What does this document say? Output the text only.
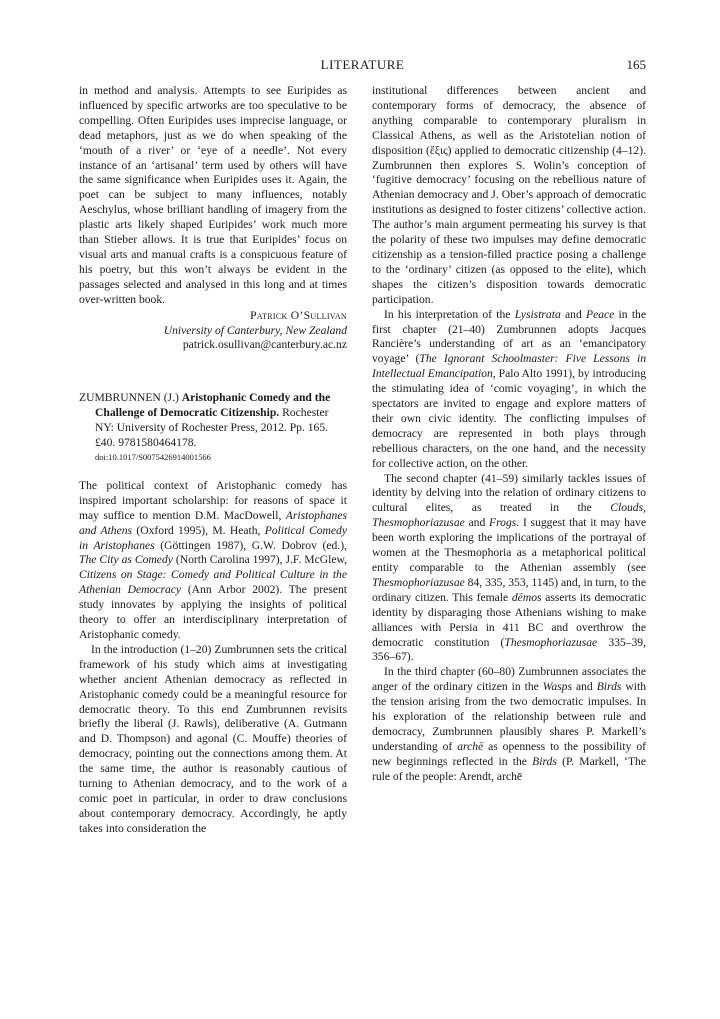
LITERATURE	165

in method and analysis. Attempts to see Euripides as influenced by specific artworks are too speculative to be compelling. Often Euripides uses imprecise language, or dead metaphors, just as we do when speaking of the ‘mouth of a river’ or ‘eye of a needle’. Not every instance of an ‘artisanal’ term used by others will have the same significance when Euripides uses it. Again, the poet can be subject to many influences, notably Aeschylus, whose brilliant handling of imagery from the plastic arts likely shaped Euripides’ work much more than Stieber allows. It is true that Euripides’ focus on visual arts and manual crafts is a conspicuous feature of his poetry, but this won’t always be evident in the passages selected and analysed in this long and at times over-written book.

Patrick O’Sullivan
University of Canterbury, New Zealand
patrick.osullivan@canterbury.ac.nz
ZUMBRUNNEN (J.) Aristophanic Comedy and the Challenge of Democratic Citizenship. Rochester NY: University of Rochester Press, 2012. Pp. 165. £40. 9781580464178.
doi:10.1017/S0075426914001566

The political context of Aristophanic comedy has inspired important scholarship: for reasons of space it may suffice to mention D.M. MacDowell, Aristophanes and Athens (Oxford 1995), M. Heath, Political Comedy in Aristophanes (Göttingen 1987), G.W. Dobrov (ed.), The City as Comedy (North Carolina 1997), J.F. McGlew, Citizens on Stage: Comedy and Political Culture in the Athenian Democracy (Ann Arbor 2002). The present study innovates by applying the insights of political theory to offer an interdisciplinary interpretation of Aristophanic comedy.

In the introduction (1–20) Zumbrunnen sets the critical framework of his study which aims at investigating whether ancient Athenian democracy as reflected in Aristophanic comedy could be a meaningful resource for democratic theory. To this end Zumbrunnen revisits briefly the liberal (J. Rawls), deliberative (A. Gutmann and D. Thompson) and agonal (C. Mouffe) theories of democracy, pointing out the connections among them. At the same time, the author is reasonably cautious of turning to Athenian democracy, and to the work of a comic poet in particular, in order to draw conclusions about contemporary democracy. Accordingly, he aptly takes into consideration the

institutional differences between ancient and contemporary forms of democracy, the absence of anything comparable to contemporary pluralism in Classical Athens, as well as the Aristotelian notion of disposition (ἕξις) applied to democratic citizenship (4–12). Zumbrunnen then explores S. Wolin’s conception of ‘fugitive democracy’ focusing on the rebellious nature of Athenian democracy and J. Ober’s approach of democratic institutions as designed to foster citizens’ collective action. The author’s main argument permeating his survey is that the polarity of these two impulses may define democratic citizenship as a tension-filled practice posing a challenge to the ‘ordinary’ citizen (as opposed to the elite), which shapes the citizen’s disposition towards democratic participation.

In his interpretation of the Lysistrata and Peace in the first chapter (21–40) Zumbrunnen adopts Jacques Rancière’s understanding of art as an ‘emancipatory voyage’ (The Ignorant Schoolmaster: Five Lessons in Intellectual Emancipation, Palo Alto 1991), by introducing the stimulating idea of ‘comic voyaging’, in which the spectators are invited to engage and explore matters of their own civic identity. The conflicting impulses of democracy are represented in both plays through rebellious characters, on the one hand, and the necessity for collective action, on the other.

The second chapter (41–59) similarly tackles issues of identity by delving into the relation of ordinary citizens to cultural elites, as treated in the Clouds, Thesmophoriazusae and Frogs. I suggest that it may have been worth exploring the implications of the portrayal of women at the Thesmophoria as a metaphorical political entity comparable to the Athenian assembly (see Thesmophoriazusae 84, 335, 353, 1145) and, in turn, to the ordinary citizen. This female dēmos asserts its democratic identity by disparaging those Athenians wishing to make alliances with Persia in 411 BC and overthrow the democratic constitution (Thesmophoriazusae 335–39, 356–67).

In the third chapter (60–80) Zumbrunnen associates the anger of the ordinary citizen in the Wasps and Birds with the tension arising from the two democratic impulses. In his exploration of the relationship between rule and democracy, Zumbrunnen plausibly shares P. Markell’s understanding of archē as openness to the possibility of new beginnings reflected in the Birds (P. Markell, ‘The rule of the people: Arendt, archē
